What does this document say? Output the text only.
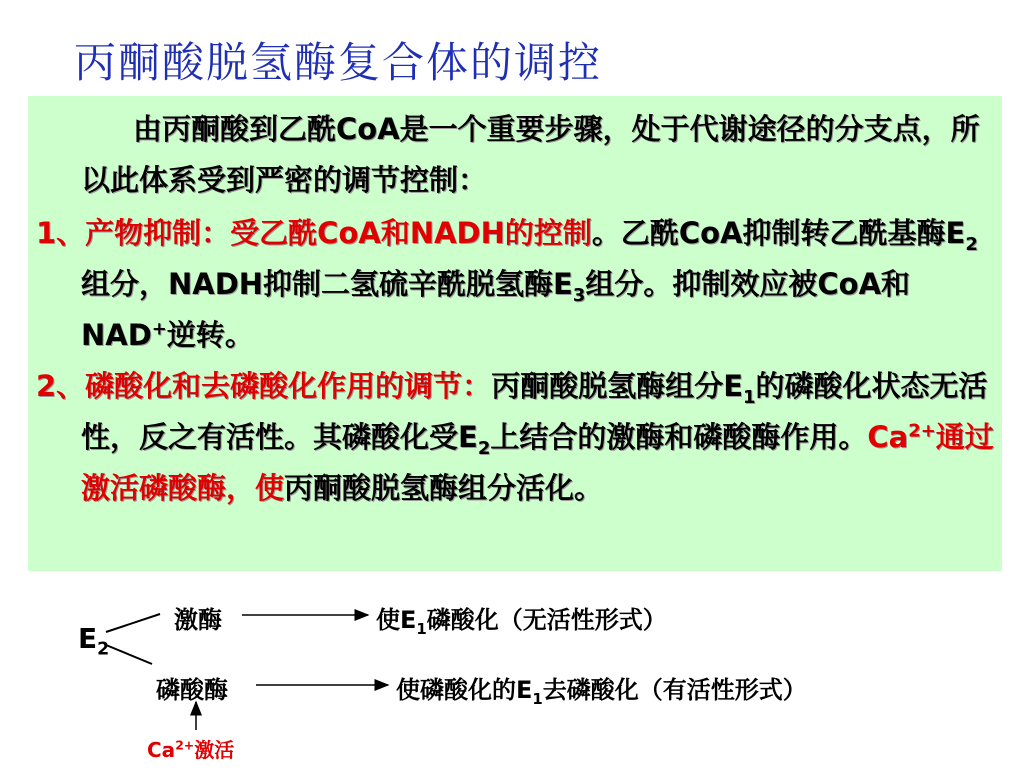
丙酮酸脱氢酶复合体的调控
由丙酮酸到乙酰CoA是一个重要步骤，处于代谢途径的分支点，所以此体系受到严密的调节控制：
1、产物抑制：受乙酰CoA和NADH的控制。乙酰CoA抑制转乙酰基酶$E_2$组分，NADH抑制二氢硫辛酰脱氢酶$E_3$组分。抑制效应被CoA和NAD+逆转。
2、磷酸化和去磷酸化作用的调节：丙酮酸脱氢酶组分$E_1$的磷酸化状态无活性，反之有活性。其磷酸化受$E_2$上结合的激酶和磷酸酶作用。$Ca^{2+}$通过激活磷酸酶，使丙酮酸脱氢酶组分活化。
$E_2$
激酶	使$E_1$磷酸化（无活性形式）
磷酸酶	使磷酸化的$E_1$去磷酸化（有活性形式）
$Ca^{2+}$激活
